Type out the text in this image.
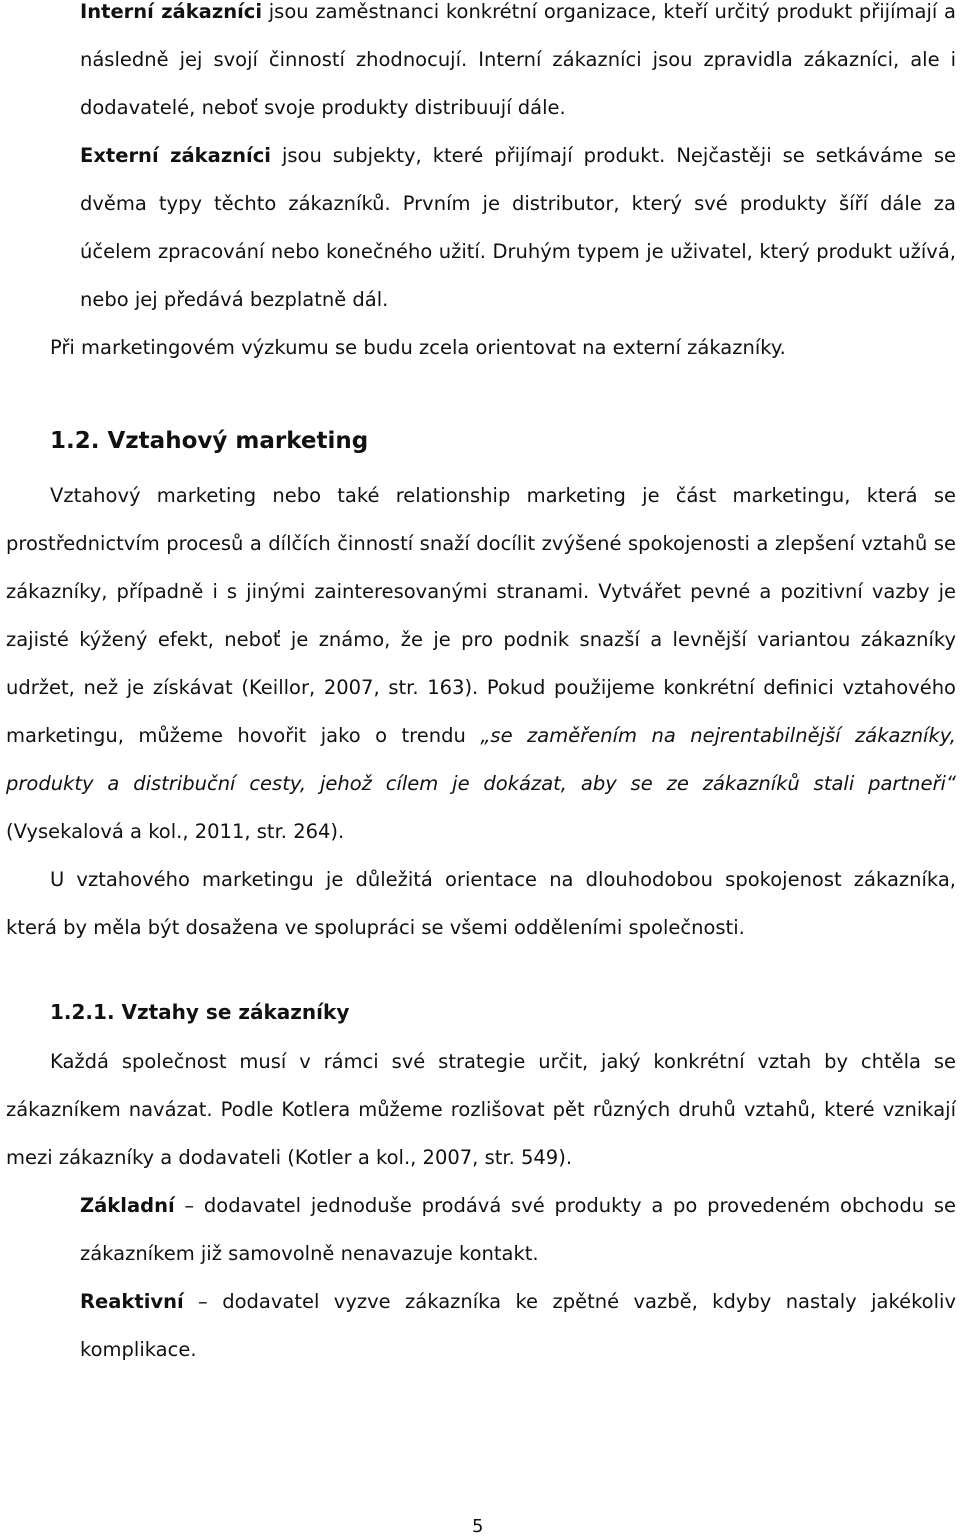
Interní zákazníci jsou zaměstnanci konkrétní organizace, kteří určitý produkt přijímají a následně jej svojí činností zhodnocují. Interní zákazníci jsou zpravidla zákazníci, ale i dodavatelé, neboť svoje produkty distribuují dále.

Externí zákazníci jsou subjekty, které přijímají produkt. Nejčastěji se setkáváme se dvěma typy těchto zákazníků. Prvním je distributor, který své produkty šíří dále za účelem zpracování nebo konečného užití. Druhým typem je uživatel, který produkt užívá, nebo jej předává bezplatně dál.

Při marketingovém výzkumu se budu zcela orientovat na externí zákazníky.

1.2. Vztahový marketing

Vztahový marketing nebo také relationship marketing je část marketingu, která se prostřednictvím procesů a dílčích činností snaží docílit zvýšené spokojenosti a zlepšení vztahů se zákazníky, případně i s jinými zainteresovanými stranami. Vytvářet pevné a pozitivní vazby je zajisté kýžený efekt, neboť je známo, že je pro podnik snazší a levnější variantou zákazníky udržet, než je získávat (Keillor, 2007, str. 163). Pokud použijeme konkrétní definici vztahového marketingu, můžeme hovořit jako o trendu „se zaměřením na nejrentabilnější zákazníky, produkty a distribuční cesty, jehož cílem je dokázat, aby se ze zákazníků stali partneři“ (Vysekalová a kol., 2011, str. 264).

U vztahového marketingu je důležitá orientace na dlouhodobou spokojenost zákazníka, která by měla být dosažena ve spolupráci se všemi odděleními společnosti.

1.2.1. Vztahy se zákazníky

Každá společnost musí v rámci své strategie určit, jaký konkrétní vztah by chtěla se zákazníkem navázat. Podle Kotlera můžeme rozlišovat pět různých druhů vztahů, které vznikají mezi zákazníky a dodavateli (Kotler a kol., 2007, str. 549).

Základní – dodavatel jednoduše prodává své produkty a po provedeném obchodu se zákazníkem již samovolně nenavazuje kontakt.

Reaktivní – dodavatel vyzve zákazníka ke zpětné vazbě, kdyby nastaly jakékoliv komplikace.

5
